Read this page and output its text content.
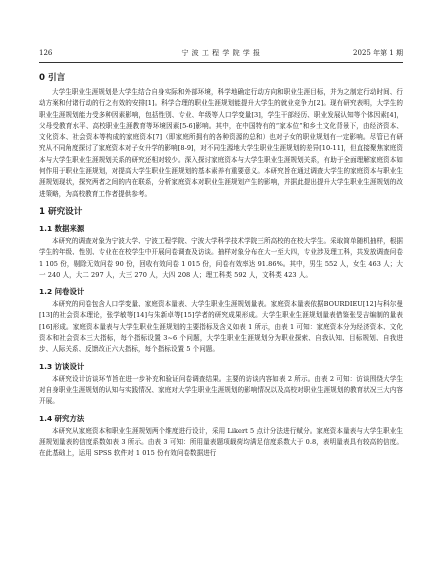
126	宁 波 工 程 学 院 学 报	2025 年第 1 期
0 引言

大学生职业生涯规划是大学生结合自身实际和外部环境，科学地确定行动方向和职业生涯目标，并为之制定行动时间、行动方案和付诸行动的行之有效的安排[1]。科学合理的职业生涯规划能提升大学生的就业竞争力[2]。现有研究表明，大学生的职业生涯规划能力受多种因素影响，包括性别、专业、年级等人口学变量[3]，学生干部经历、职业发展认知等个体因素[4]，父母受教育水平、高校职业生涯教育等环境因素[5-6]影响。其中，在中国特有的“家本位”和乡土文化背景下，由经济资本、文化资本、社会资本等构成的家庭资本[7]（即家庭所拥有的各种资源的总和）也对子女的职业规划有一定影响。尽管已有研究从不同角度探讨了家庭资本对子女升学的影响[8-9]，对不同生源地大学生职业生涯规划的差异[10-11]，但直接聚焦家庭资本与大学生职业生涯规划关系的研究还相对较少。深入探讨家庭资本与大学生职业生涯规划关系，有助于全面理解家庭资本如何作用于职业生涯规划，对提高大学生职业生涯规划的基本素养有重要意义。本研究旨在通过调查大学生的家庭资本与职业生涯规划现状，探究两者之间的内在联系，分析家庭资本对职业生涯规划产生的影响，并据此提出提升大学生职业生涯规划的改进策略，为高校教育工作者提供参考。

1 研究设计
1.1 数据来源

本研究的调查对象为宁波大学、宁波工程学院、宁波大学科学技术学院三所高校的在校大学生。采取简单随机抽样，根据学生的年级、性别、专业在在校学生中开展问卷调查及访谈。抽样对象分布在大一至大四，专业涉及理工科，共发放调查问卷 1 105 份，剔除无效问卷 90 份，回收有效问卷 1 015 份，问卷有效率达 91.86%。其中，男生 552 人，女生 463 人；大一 240 人，大二 297 人，大三 270 人，大四 208 人；理工科类 592 人，文科类 423 人。

1.2 问卷设计

本研究的问卷包含人口学变量、家庭资本量表、大学生职业生涯规划量表。家庭资本量表依据BOURDIEU[12]与科尔曼[13]的社会资本理论，张学敏等[14]与朱新卓等[15]学者的研究成果形成。大学生职业生涯规划量表借鉴张旻吉编制的量表[16]形成。家庭资本量表与大学生职业生涯规划的主要指标及含义如表 1 所示，由表 1 可知：家庭资本分为经济资本、文化资本和社会资本三大指标，每个指标设置 3~6 个问题，大学生职业生涯规划分为职业探索、自我认知、目标规划、自我进步、人际关系、反馈改正六大指标，每个指标设置 5 个问题。

1.3 访谈设计

本研究设计访谈环节旨在进一步补充和验证问卷调查结果。主要的访谈内容如表 2 所示。由表 2 可知：访谈围绕大学生对自身职业生涯规划的认知与实践情况、家庭对大学生职业生涯规划的影响情况以及高校对职业生涯规划的教育状况三大内容开展。

1.4 研究方法

本研究从家庭资本和职业生涯规划两个维度进行设计，采用 Likert 5 点计分法进行赋分。家庭资本量表与大学生职业生涯规划量表的信度系数如表 3 所示。由表 3 可知：所用量表题项载荷均满足信度系数大于 0.8，表明量表具有较高的信度。在此基础上，运用 SPSS 软件对 1 015 份有效问卷数据进行
